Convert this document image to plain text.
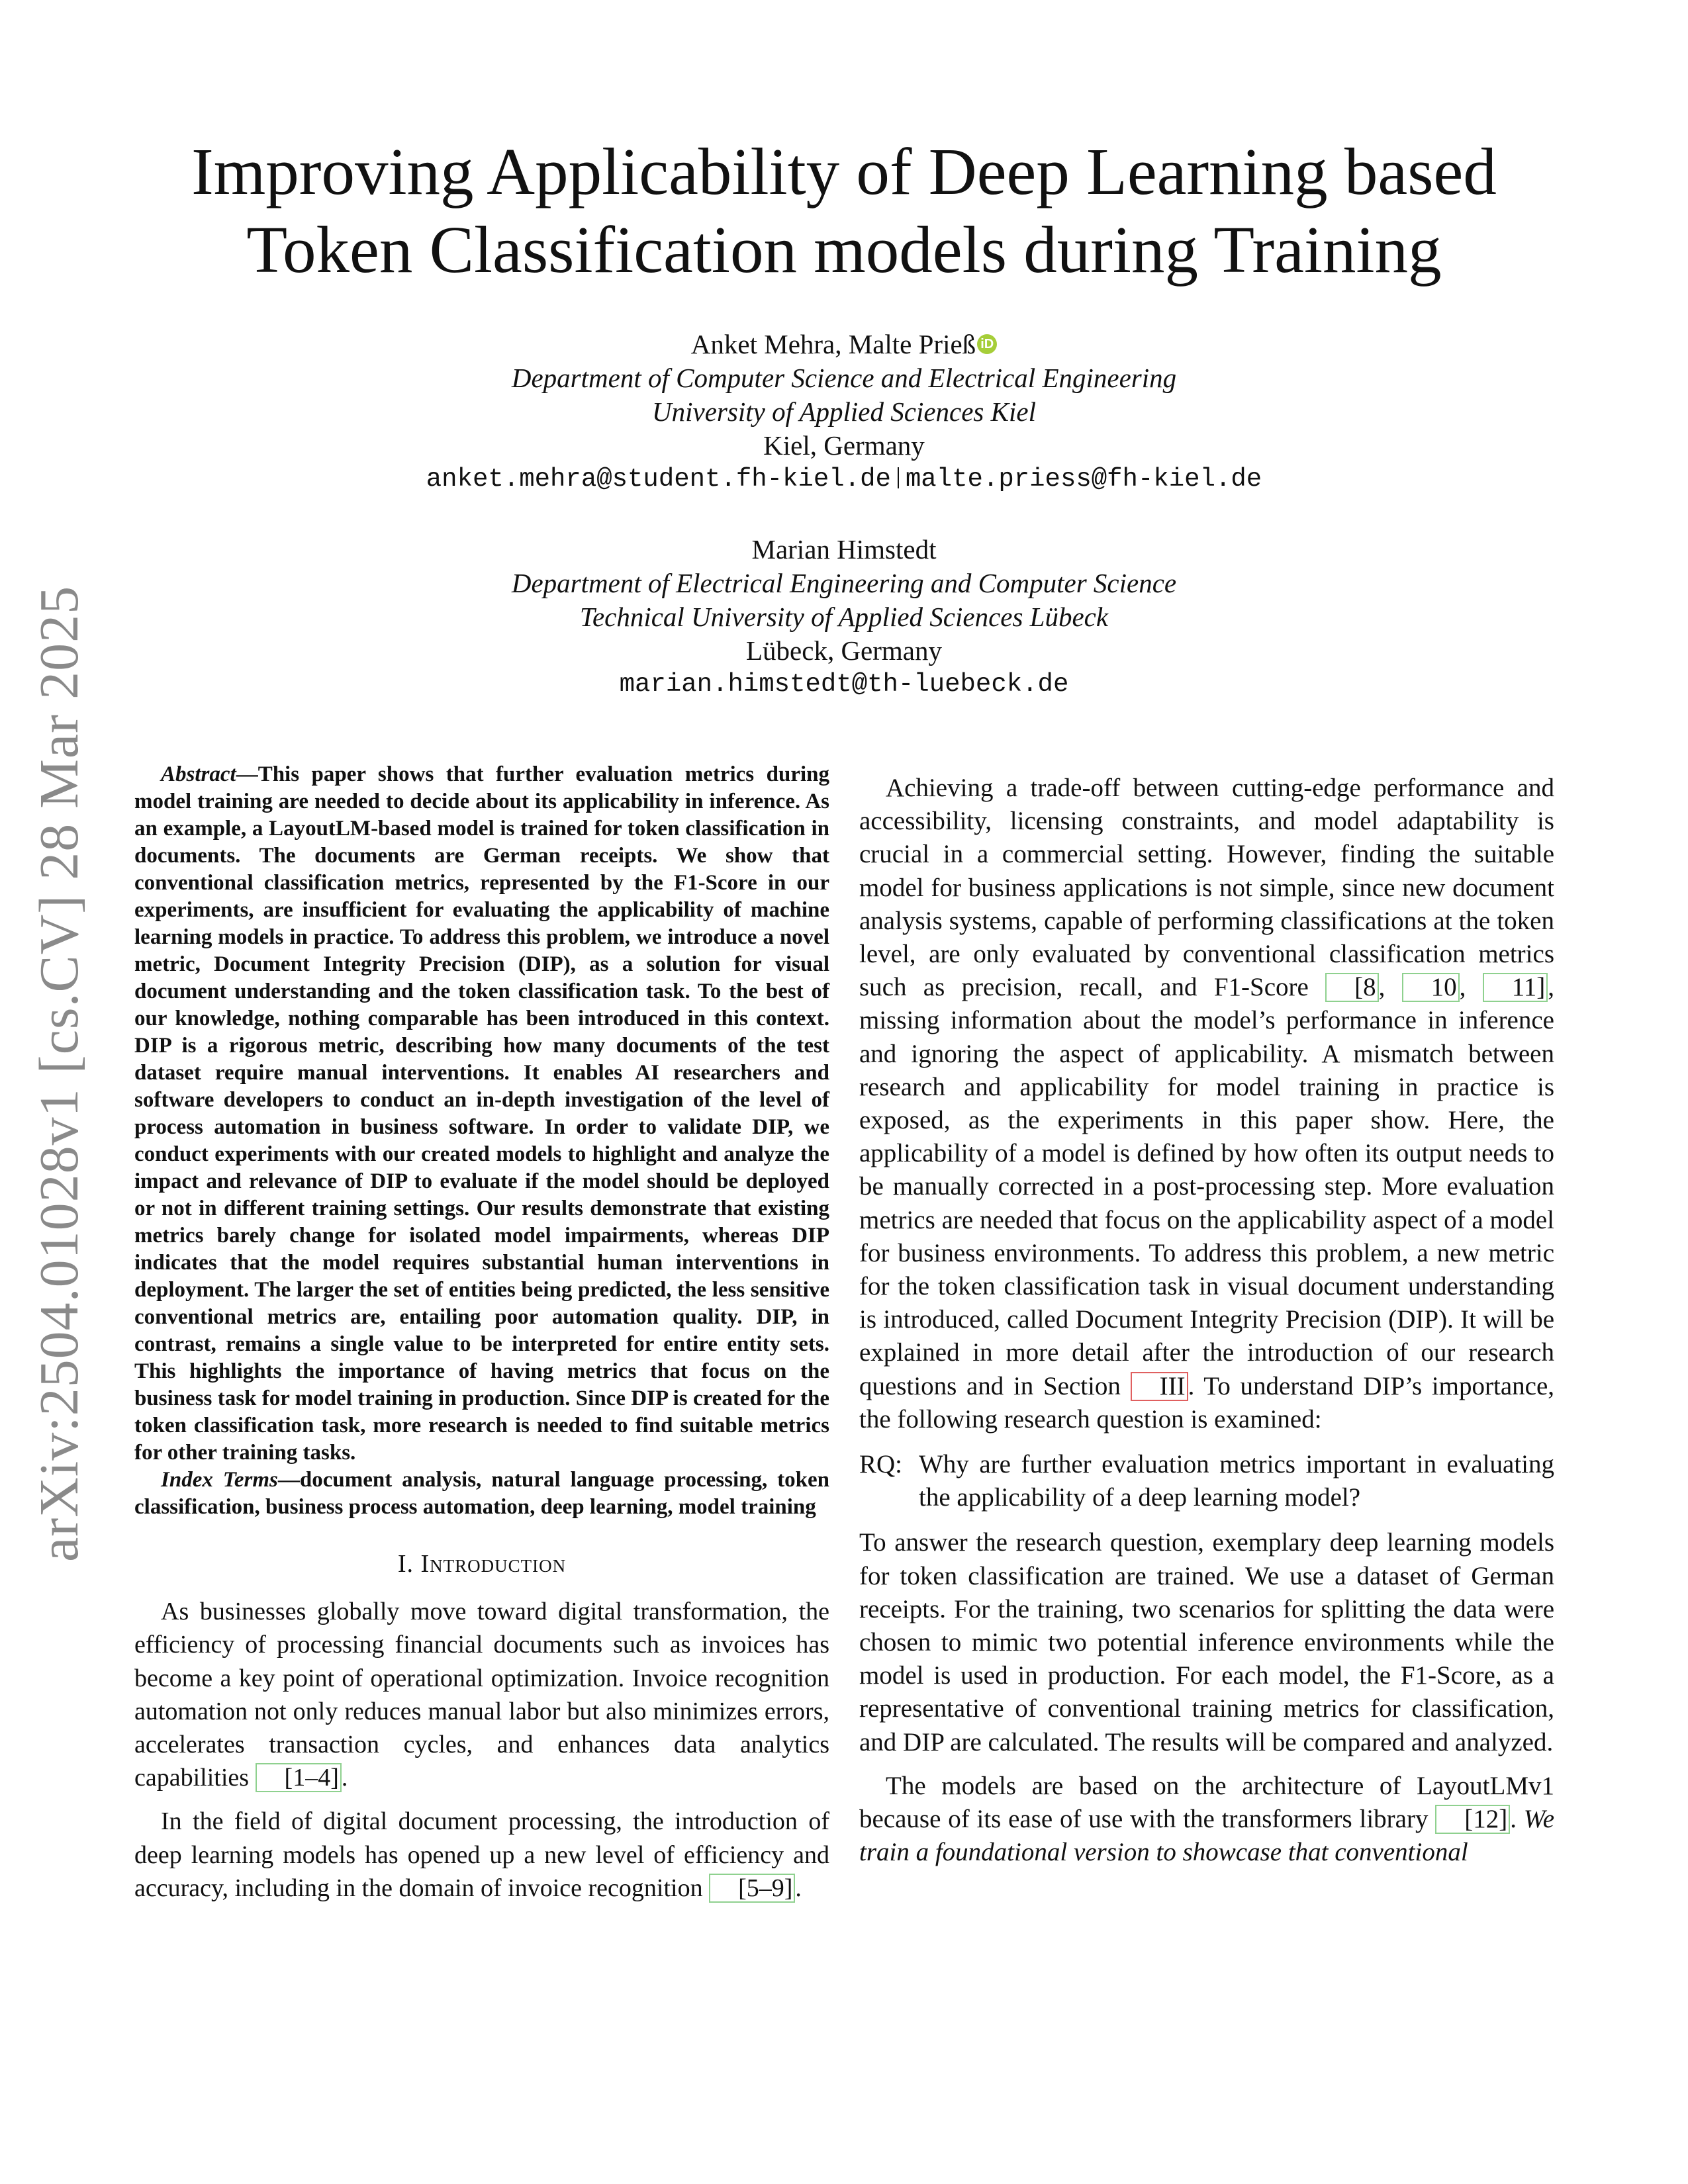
arXiv:2504.01028v1 [cs.CV] 28 Mar 2025
Improving Applicability of Deep Learning based
Token Classification models during Training
Anket Mehra, Malte Prieß iD
Department of Computer Science and Electrical Engineering
University of Applied Sciences Kiel
Kiel, Germany
anket.mehra@student.fh-kiel.de malte.priess@fh-kiel.de
Marian Himstedt
Department of Electrical Engineering and Computer Science
Technical University of Applied Sciences Lübeck
Lübeck, Germany
marian.himstedt@th-luebeck.de

Abstract—This paper shows that further evaluation metrics during model training are needed to decide about its applicability in inference. As an example, a LayoutLM-based model is trained for token classification in documents. The documents are German receipts. We show that conventional classification metrics, represented by the F1-Score in our experiments, are insufficient for evaluating the applicability of machine learning models in practice. To address this problem, we introduce a novel metric, Document Integrity Precision (DIP), as a solution for visual document understanding and the token classification task. To the best of our knowledge, nothing comparable has been introduced in this context. DIP is a rigorous metric, describing how many documents of the test dataset require manual interventions. It enables AI researchers and software developers to conduct an in-depth investigation of the level of process automation in business software. In order to validate DIP, we conduct experiments with our created models to highlight and analyze the impact and relevance of DIP to evaluate if the model should be deployed or not in different training settings. Our results demonstrate that existing metrics barely change for isolated model impairments, whereas DIP indicates that the model requires substantial human interventions in deployment. The larger the set of entities being predicted, the less sensitive conventional metrics are, entailing poor automation quality. DIP, in contrast, remains a single value to be interpreted for entire entity sets. This highlights the importance of having metrics that focus on the business task for model training in production. Since DIP is created for the token classification task, more research is needed to find suitable metrics for other training tasks.

Index Terms—document analysis, natural language processing, token classification, business process automation, deep learning, model training

I. Introduction

As businesses globally move toward digital transformation, the efficiency of processing financial documents such as invoices has become a key point of operational optimization. Invoice recognition automation not only reduces manual labor but also minimizes errors, accelerates transaction cycles, and enhances data analytics capabilities [1–4] .

In the field of digital document processing, the introduction of deep learning models has opened up a new level of efficiency and accuracy, including in the domain of invoice recognition [5–9] .

Achieving a trade-off between cutting-edge performance and accessibility, licensing constraints, and model adaptability is crucial in a commercial setting. However, finding the suitable model for business applications is not simple, since new document analysis systems, capable of performing classifications at the token level, are only evaluated by conventional classification metrics such as precision, recall, and F1-Score [8 , 10 , 11] , missing information about the model’s performance in inference and ignoring the aspect of applicability. A mismatch between research and applicability for model training in practice is exposed, as the experiments in this paper show. Here, the applicability of a model is defined by how often its output needs to be manually corrected in a post-processing step. More evaluation metrics are needed that focus on the applicability aspect of a model for business environments. To address this problem, a new metric for the token classification task in visual document understanding is introduced, called Document Integrity Precision (DIP). It will be explained in more detail after the introduction of our research questions and in Section III . To understand DIP’s importance, the following research question is examined:

RQ: Why are further evaluation metrics important in evaluating the applicability of a deep learning model?

To answer the research question, exemplary deep learning models for token classification are trained. We use a dataset of German receipts. For the training, two scenarios for splitting the data were chosen to mimic two potential inference environments while the model is used in production. For each model, the F1-Score, as a representative of conventional training metrics for classification, and DIP are calculated. The results will be compared and analyzed.

The models are based on the architecture of LayoutLMv1 because of its ease of use with the transformers library [12] . We train a foundational version to showcase that conventional
